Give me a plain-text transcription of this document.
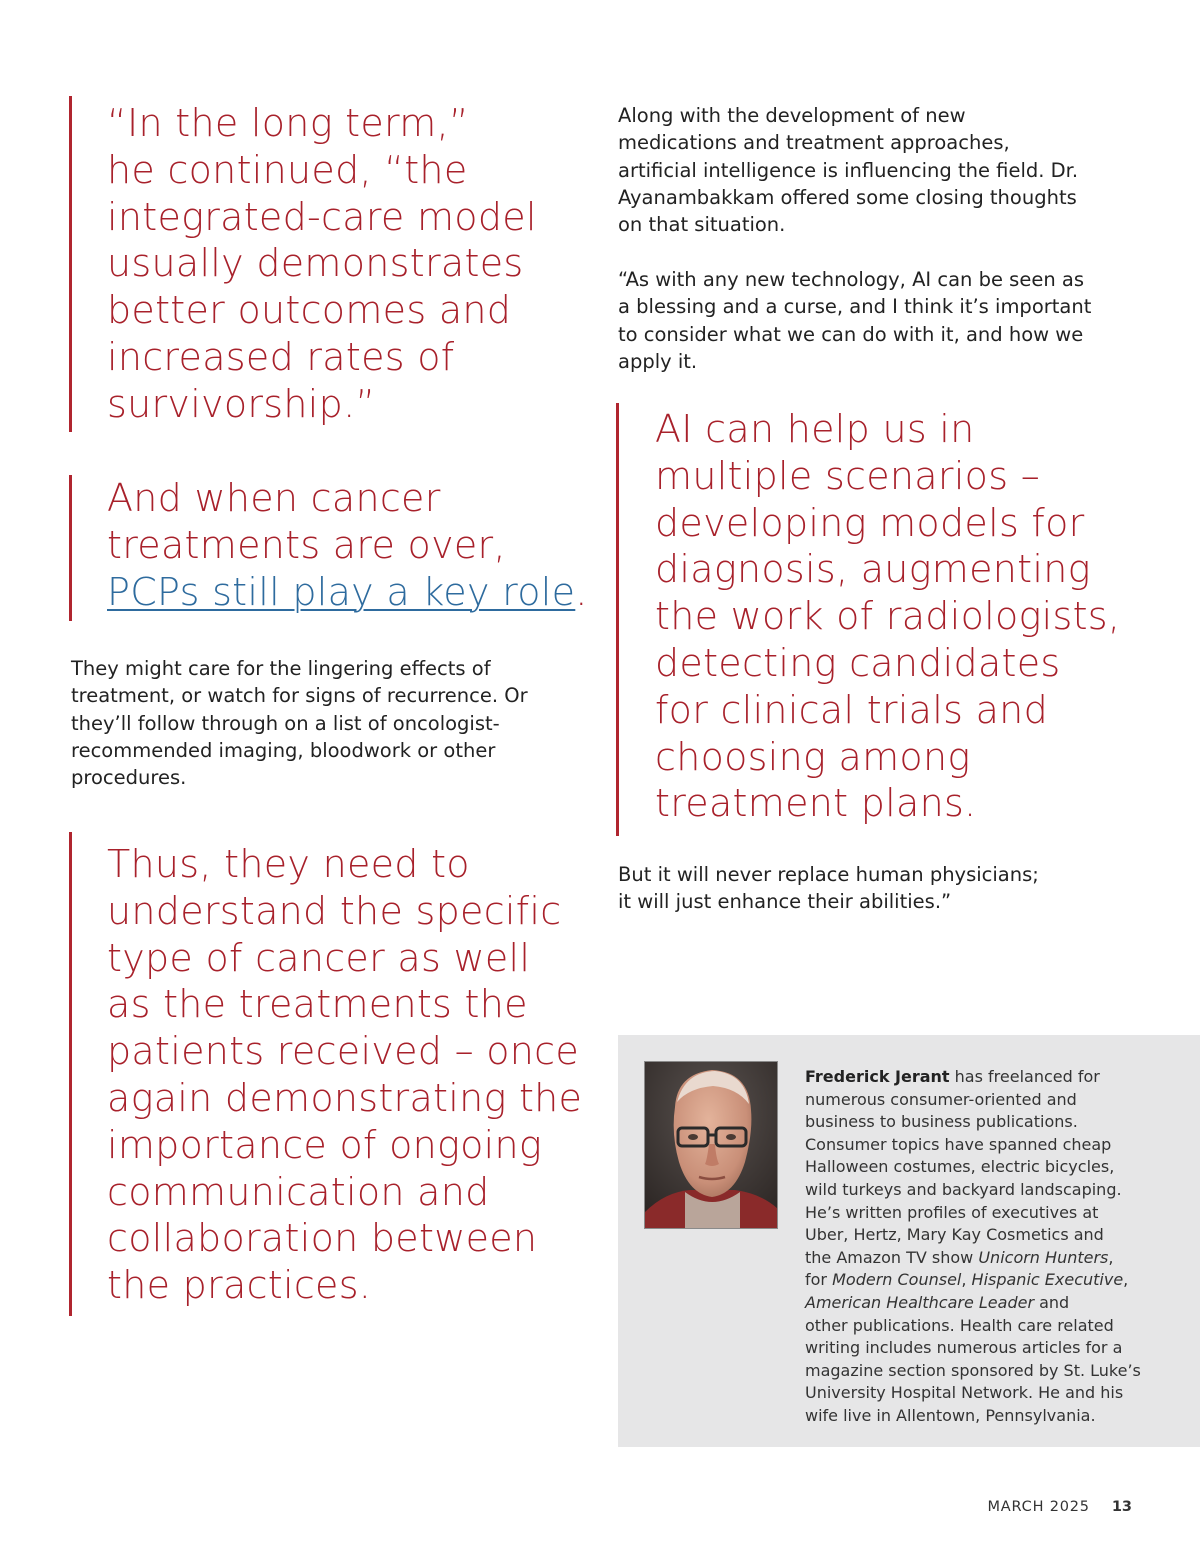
“In the long term,”
he continued, “the
integrated-care model
usually demonstrates
better outcomes and
increased rates of
survivorship.”
And when cancer
treatments are over,
PCPs still play a key role.
They might care for the lingering effects of
treatment, or watch for signs of recurrence. Or
they’ll follow through on a list of oncologist-
recommended imaging, bloodwork or other
procedures.
Thus, they need to
understand the specific
type of cancer as well
as the treatments the
patients received – once
again demonstrating the
importance of ongoing
communication and
collaboration between
the practices.
Along with the development of new
medications and treatment approaches,
artificial intelligence is influencing the field. Dr.
Ayanambakkam offered some closing thoughts
on that situation.
“As with any new technology, AI can be seen as
a blessing and a curse, and I think it’s important
to consider what we can do with it, and how we
apply it.
AI can help us in
multiple scenarios –
developing models for
diagnosis, augmenting
the work of radiologists,
detecting candidates
for clinical trials and
choosing among
treatment plans.
But it will never replace human physicians;
it will just enhance their abilities.”
Frederick Jerant has freelanced for
numerous consumer-oriented and
business to business publications.
Consumer topics have spanned cheap
Halloween costumes, electric bicycles,
wild turkeys and backyard landscaping.
He’s written profiles of executives at
Uber, Hertz, Mary Kay Cosmetics and
the Amazon TV show Unicorn Hunters,
for Modern Counsel, Hispanic Executive,
American Healthcare Leader and
other publications. Health care related
writing includes numerous articles for a
magazine section sponsored by St. Luke’s
University Hospital Network. He and his
wife live in Allentown, Pennsylvania.
MARCH 2025 13
